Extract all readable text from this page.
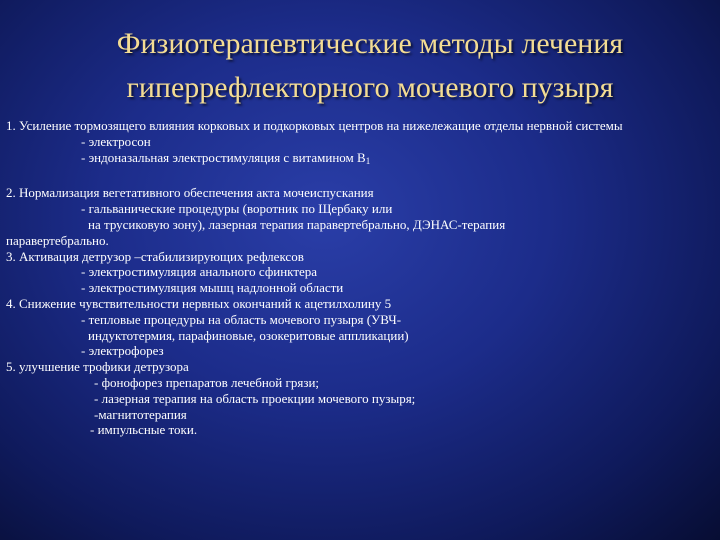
Физиотерапевтические методы лечения
гиперрефлекторного мочевого пузыря
1. Усиление тормозящего влияния корковых и подкорковых центров на нижележащие отделы нервной системы
- электросон
- эндоназальная электростимуляция с витамином $В_1$
2. Нормализация вегетативного обеспечения акта мочеиспускания
- гальванические процедуры (воротник по Щербаку или
на трусиковую зону), лазерная терапия паравертебрально, ДЭНАС-терапия
паравертебрально.
3. Активация детрузор –стабилизирующих рефлексов
- электростимуляция анального сфинктера
- электростимуляция мышц надлонной области
4. Снижение чувствительности нервных окончаний к ацетилхолину 5
- тепловые процедуры на область мочевого пузыря (УВЧ-
индуктотермия, парафиновые, озокеритовые аппликации)
- электрофорез
5. улучшение трофики детрузора
- фонофорез препаратов лечебной грязи;
- лазерная терапия на область проекции мочевого пузыря;
-магнитотерапия
- импульсные токи.
